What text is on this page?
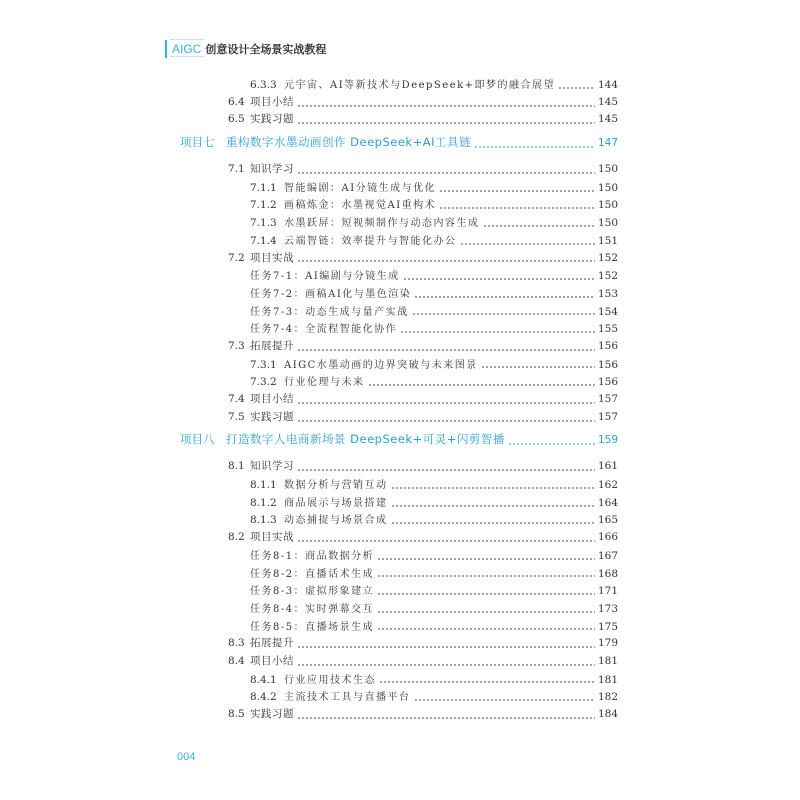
AIGC 创意设计全场景实战教程
6.3.3 元宇宙、AI等新技术与DeepSeek+即梦的融合展望	144
6.4 项目小结	145
6.5 实践习题	145
项目七	重构数字水墨动画创作 DeepSeek+AI工具链	147
7.1 知识学习	150
7.1.1 智能编剧：AI分镜生成与优化	150
7.1.2 画稿炼金：水墨视觉AI重构术	150
7.1.3 水墨跃屏：短视频制作与动态内容生成	150
7.1.4 云端智链：效率提升与智能化办公	151
7.2 项目实战	152
任务7-1：AI编剧与分镜生成	152
任务7-2：画稿AI化与墨色渲染	153
任务7-3：动态生成与量产实战	154
任务7-4：全流程智能化协作	155
7.3 拓展提升	156
7.3.1 AIGC水墨动画的边界突破与未来图景	156
7.3.2 行业伦理与未来	156
7.4 项目小结	157
7.5 实践习题	157
项目八	打造数字人电商新场景 DeepSeek+可灵+闪剪智播	159
8.1 知识学习	161
8.1.1 数据分析与营销互动	162
8.1.2 商品展示与场景搭建	164
8.1.3 动态捕捉与场景合成	165
8.2 项目实战	166
任务8-1：商品数据分析	167
任务8-2：直播话术生成	168
任务8-3：虚拟形象建立	171
任务8-4：实时弹幕交互	173
任务8-5：直播场景生成	175
8.3 拓展提升	179
8.4 项目小结	181
8.4.1 行业应用技术生态	181
8.4.2 主流技术工具与直播平台	182
8.5 实践习题	184
004
